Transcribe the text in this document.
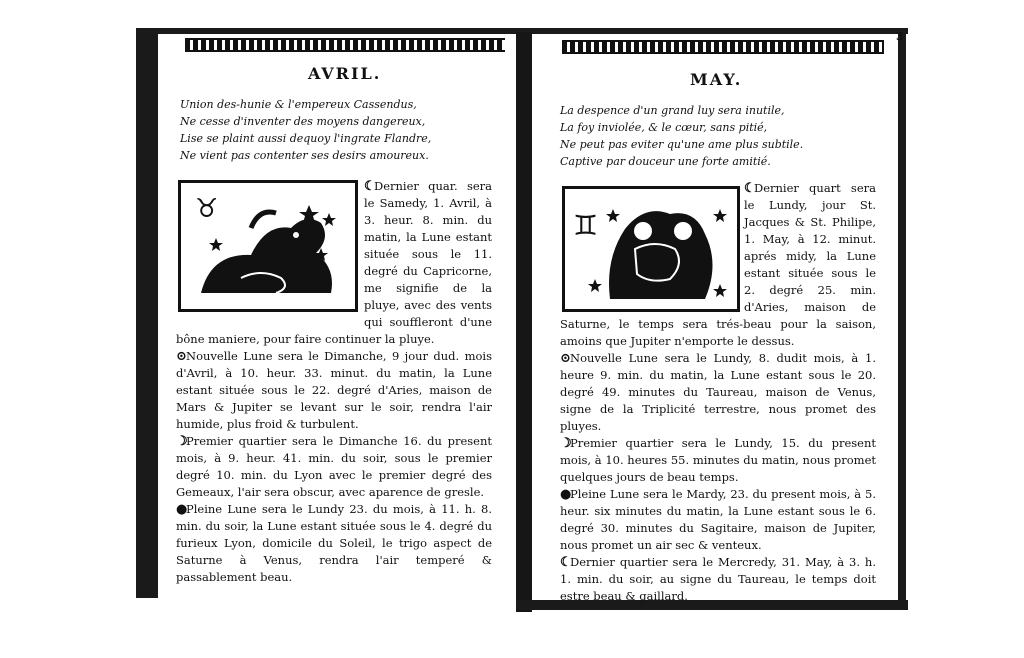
AVRIL.
Union des-hunie & l'empereux Cassendus,
Ne cesse d'inventer des moyens dangereux,
Lise se plaint aussi dequoy l'ingrate Flandre,
Ne vient pas contenter ses desirs amoureux.
♉

☾Dernier quar. sera le Samedy, 1. Avril, à 3. heur. 8. min. du matin, la Lune estant située sous le 11. degré du Capricorne, me signifie de la pluye, avec des vents qui souffleront d'une bône maniere, pour faire continuer la pluye.

⊙Nouvelle Lune sera le Dimanche, 9 jour dud. mois d'Avril, à 10. heur. 33. minut. du matin, la Lune estant située sous le 22. degré d'Aries, maison de Mars & Jupiter se levant sur le soir, rendra l'air humide, plus froid & turbulent.

☽Premier quartier sera le Dimanche 16. du present mois, à 9. heur. 41. min. du soir, sous le premier degré 10. min. du Lyon avec le premier degré des Gemeaux, l'air sera obscur, avec aparence de gresle.

●Pleine Lune sera le Lundy 23. du mois, à 11. h. 8. min. du soir, la Lune estant située sous le 4. degré du furieux Lyon, domicile du Soleil, le trigo aspect de Saturne à Venus, rendra l'air temperé & passablement beau.

3
MAY.
La despence d'un grand luy sera inutile,
La foy inviolée, & le cœur, sans pitié,
Ne peut pas eviter qu'une ame plus subtile.
Captive par douceur une forte amitié.
♊

☾Dernier quart sera le Lundy, jour St. Jacques & St. Philipe, 1. May, à 12. minut. aprés midy, la Lune estant située sous le 2. degré 25. min. d'Aries, maison de Saturne, le temps sera trés-beau pour la saison, amoins que Jupiter n'emporte le dessus.

⊙Nouvelle Lune sera le Lundy, 8. dudit mois, à 1. heure 9. min. du matin, la Lune estant sous le 20. degré 49. minutes du Taureau, maison de Venus, signe de la Triplicité terrestre, nous promet des pluyes.

☽Premier quartier sera le Lundy, 15. du present mois, à 10. heures 55. minutes du matin, nous promet quelques jours de beau temps.

●Pleine Lune sera le Mardy, 23. du present mois, à 5. heur. six minutes du matin, la Lune estant sous le 6. degré 30. minutes du Sagitaire, maison de Jupiter, nous promet un air sec & venteux.

☾Dernier quartier sera le Mercredy, 31. May, à 3. h. 1. min. du soir, au signe du Taureau, le temps doit estre beau & gaillard.
